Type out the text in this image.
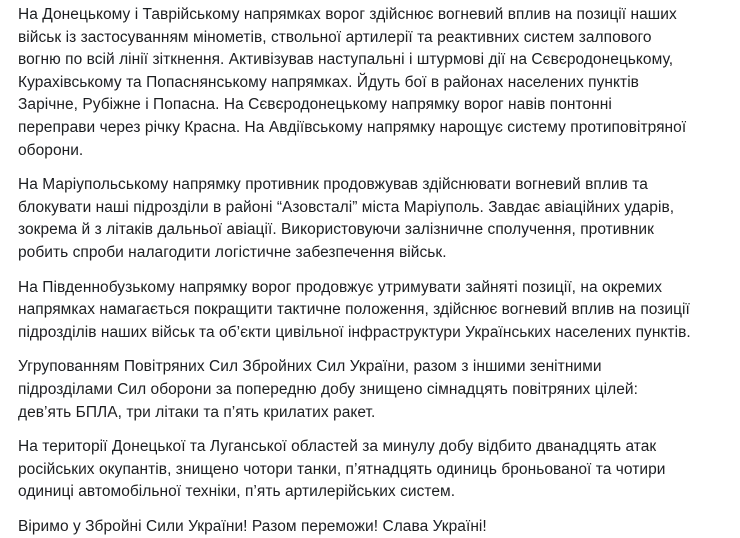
На Донецькому і Таврійському напрямках ворог здійснює вогневий вплив на позиції наших
військ із застосуванням мінометів, ствольної артилерії та реактивних систем залпового
вогню по всій лінії зіткнення. Активізував наступальні і штурмові дії на Сєвєродонецькому,
Курахівському та Попаснянському напрямках. Йдуть бої в районах населених пунктів
Зарічне, Рубіжне і Попасна. На Сєвєродонецькому напрямку ворог навів понтонні
переправи через річку Красна. На Авдіївському напрямку нарощує систему протиповітряної
оборони.

На Маріупольському напрямку противник продовжував здійснювати вогневий вплив та
блокувати наші підрозділи в районі “Азовсталі” міста Маріуполь. Завдає авіаційних ударів,
зокрема й з літаків дальньої авіації. Використовуючи залізничне сполучення, противник
робить спроби налагодити логістичне забезпечення військ.

На Південнобузькому напрямку ворог продовжує утримувати зайняті позиції, на окремих
напрямках намагається покращити тактичне положення, здійснює вогневий вплив на позиції
підрозділів наших військ та об’єкти цивільної інфраструктури Українських населених пунктів.

Угрупованням Повітряних Сил Збройних Сил України, разом з іншими зенітними
підрозділами Сил оборони за попередню добу знищено сімнадцять повітряних цілей:
дев’ять БПЛА, три літаки та п’ять крилатих ракет.

На території Донецької та Луганської областей за минулу добу відбито дванадцять атак
російських окупантів, знищено чотори танки, п’ятнадцять одиниць броньованої та чотири
одиниці автомобільної техніки, п’ять артилерійських систем.

Віримо у Збройні Сили України! Разом переможи! Слава Україні!
